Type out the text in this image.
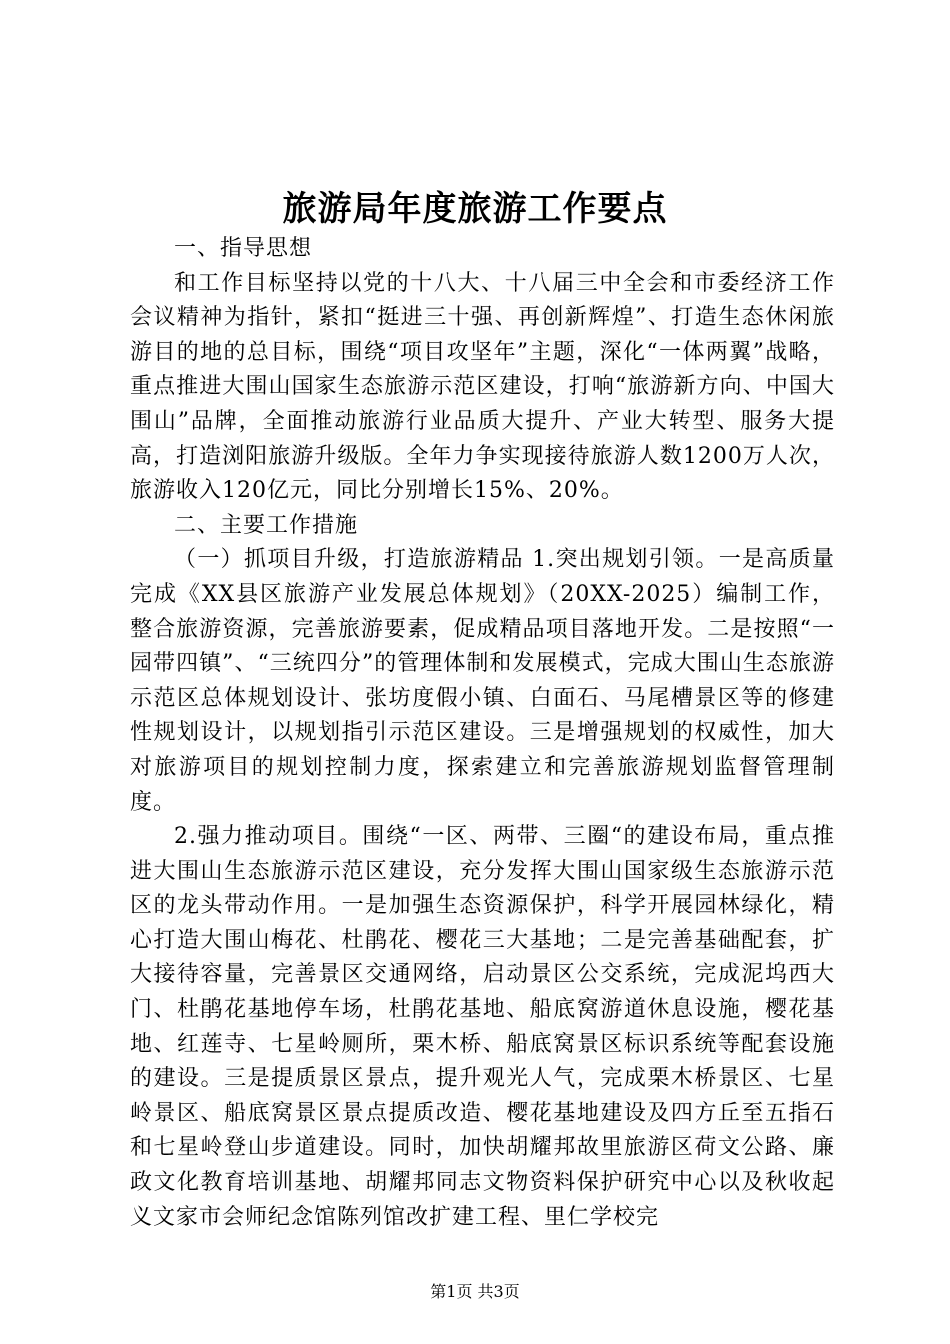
旅游局年度旅游工作要点

一、指导思想

和工作目标坚持以党的十八大、十八届三中全会和市委经济工作会议精神为指针，紧扣“挺进三十强、再创新辉煌”、打造生态休闲旅游目的地的总目标，围绕“项目攻坚年”主题，深化“一体两翼”战略，重点推进大围山国家生态旅游示范区建设，打响“旅游新方向、中国大围山”品牌，全面推动旅游行业品质大提升、产业大转型、服务大提高，打造浏阳旅游升级版。全年力争实现接待旅游人数1200万人次，旅游收入120亿元，同比分别增长15%、20%。

二、主要工作措施

（一）抓项目升级，打造旅游精品 1.突出规划引领。一是高质量完成《XX县区旅游产业发展总体规划》（20XX-2025）编制工作，整合旅游资源，完善旅游要素，促成精品项目落地开发。二是按照“一园带四镇”、“三统四分”的管理体制和发展模式，完成大围山生态旅游示范区总体规划设计、张坊度假小镇、白面石、马尾槽景区等的修建性规划设计，以规划指引示范区建设。三是增强规划的权威性，加大对旅游项目的规划控制力度，探索建立和完善旅游规划监督管理制度。

2.强力推动项目。围绕“一区、两带、三圈“的建设布局，重点推进大围山生态旅游示范区建设，充分发挥大围山国家级生态旅游示范区的龙头带动作用。一是加强生态资源保护，科学开展园林绿化，精心打造大围山梅花、杜鹃花、樱花三大基地；二是完善基础配套，扩大接待容量，完善景区交通网络，启动景区公交系统，完成泥坞西大门、杜鹃花基地停车场，杜鹃花基地、船底窝游道休息设施，樱花基地、红莲寺、七星岭厕所，栗木桥、船底窝景区标识系统等配套设施的建设。三是提质景区景点，提升观光人气，完成栗木桥景区、七星岭景区、船底窝景区景点提质改造、樱花基地建设及四方丘至五指石和七星岭登山步道建设。同时，加快胡耀邦故里旅游区荷文公路、廉政文化教育培训基地、胡耀邦同志文物资料保护研究中心以及秋收起义文家市会师纪念馆陈列馆改扩建工程、里仁学校完

第1页 共3页
